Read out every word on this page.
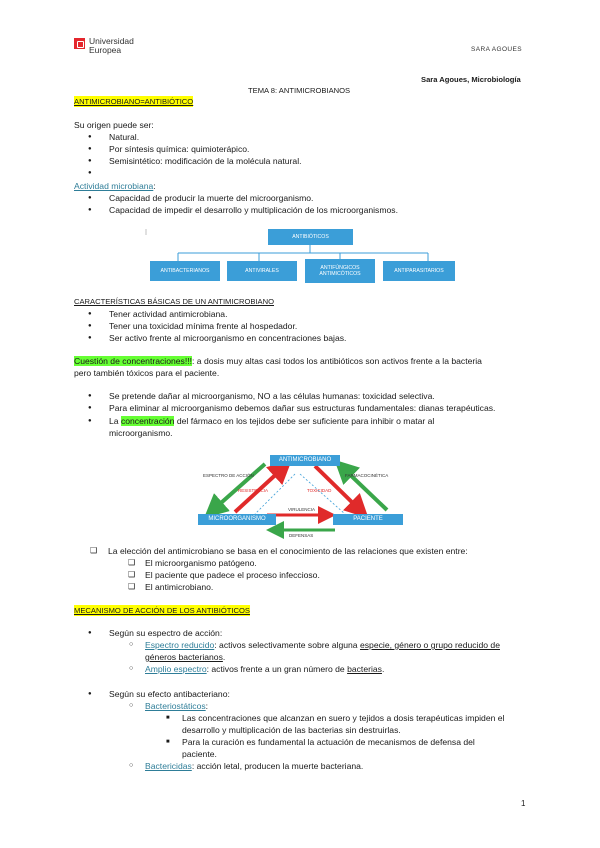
Universidad
Europea	SARA AGOUES
Sara Agoues, Microbiología
TEMA 8: ANTIMICROBIANOS
ANTIMICROBIANO=ANTIBIÓTICO
Su origen puede ser:
● Natural.
● Por síntesis química: quimioterápico.
● Semisintético: modificación de la molécula natural.
Actividad microbiana:
● Capacidad de producir la muerte del microorganismo.
● Capacidad de impedir el desarrollo y multiplicación de los microorganismos.
ANTIBIÓTICOS
ANTIBACTERIANOS	ANTIVIRALES
ANTIFÚNGICOS ANTIMICÓTICOS
ANTIPARASITARIOS
CARACTERÍSTICAS BÁSICAS DE UN ANTIMICROBIANO
● Tener actividad antimicrobiana.
● Tener una toxicidad mínima frente al hospedador.
● Ser activo frente al microorganismo en concentraciones bajas.
Cuestión de concentraciones!!!: a dosis muy altas casi todos los antibióticos son activos frente a la bacteria
pero también tóxicos para el paciente.
● Se pretende dañar al microorganismo, NO a las células humanas: toxicidad selectiva.
● Para eliminar al microorganismo debemos dañar sus estructuras fundamentales: dianas terapéuticas.
● La concentración del fármaco en los tejidos debe ser suficiente para inhibir o matar al
microorganismo.
ANTIMICROBIANO
MICROORGANISMO	PACIENTE
ESPECTRO DE ACCIÓN
RESISTENCIA	TOXICIDAD
FARMACOCINÉTICA
VIRULENCIA
DEFENSAS
❑ La elección del antimicrobiano se basa en el conocimiento de las relaciones que existen entre:
❑ El microorganismo patógeno.
❑ El paciente que padece el proceso infeccioso.
❑ El antimicrobiano.
MECANISMO DE ACCIÓN DE LOS ANTIBIÓTICOS
● Según su espectro de acción:
○ Espectro reducido: activos selectivamente sobre alguna especie, género o grupo reducido de
géneros bacterianos.
○ Amplio espectro: activos frente a un gran número de bacterias.
● Según su efecto antibacteriano:
○ Bacteriostáticos:
■ Las concentraciones que alcanzan en suero y tejidos a dosis terapéuticas impiden el
desarrollo y multiplicación de las bacterias sin destruirlas.
■ Para la curación es fundamental la actuación de mecanismos de defensa del
paciente.
○ Bactericidas: acción letal, producen la muerte bacteriana.
1
